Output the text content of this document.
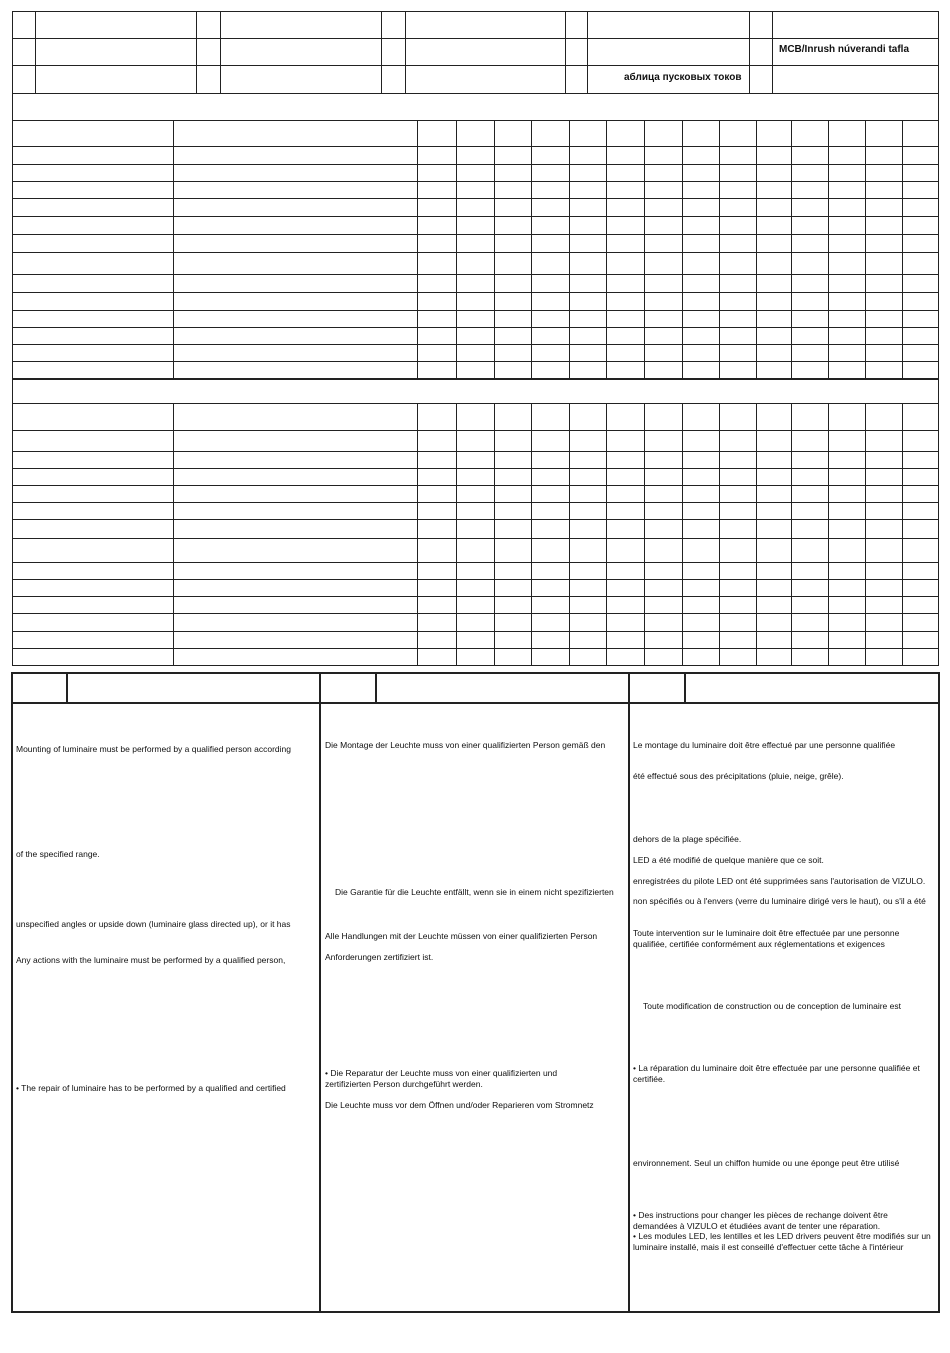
MCB/Inrush núverandi tafla
аблица пусковых токов
Mounting of luminaire must be performed by a qualified person according
of the specified range.
unspecified angles or upside down (luminaire glass directed up), or it has
Any actions with the luminaire must be performed by a qualified person,
• The repair of luminaire has to be performed by a qualified and certified
Die Montage der Leuchte muss von einer qualifizierten Person gemäß den
Die Garantie für die Leuchte entfällt, wenn sie in einem nicht spezifizierten
Alle Handlungen mit der Leuchte müssen von einer qualifizierten Person
Anforderungen zertifiziert ist.
• Die Reparatur der Leuchte muss von einer qualifizierten und zertifizierten Person durchgeführt werden.
Die Leuchte muss vor dem Öffnen und/oder Reparieren vom Stromnetz
Le montage du luminaire doit être effectué par une personne qualifiée
été effectué sous des précipitations (pluie, neige, grêle).
dehors de la plage spécifiée.
LED a été modifié de quelque manière que ce soit.
enregistrées du pilote LED ont été supprimées sans l'autorisation de VIZULO.
non spécifiés ou à l'envers (verre du luminaire dirigé vers le haut), ou s'il a été
Toute intervention sur le luminaire doit être effectuée par une personne qualifiée, certifiée conformément aux réglementations et exigences
Toute modification de construction ou de conception de luminaire est
• La réparation du luminaire doit être effectuée par une personne qualifiée et certifiée.
environnement. Seul un chiffon humide ou une éponge peut être utilisé
• Des instructions pour changer les pièces de rechange doivent être demandées à VIZULO et étudiées avant de tenter une réparation.
• Les modules LED, les lentilles et les LED drivers peuvent être modifiés sur un luminaire installé, mais il est conseillé d'effectuer cette tâche à l'intérieur
